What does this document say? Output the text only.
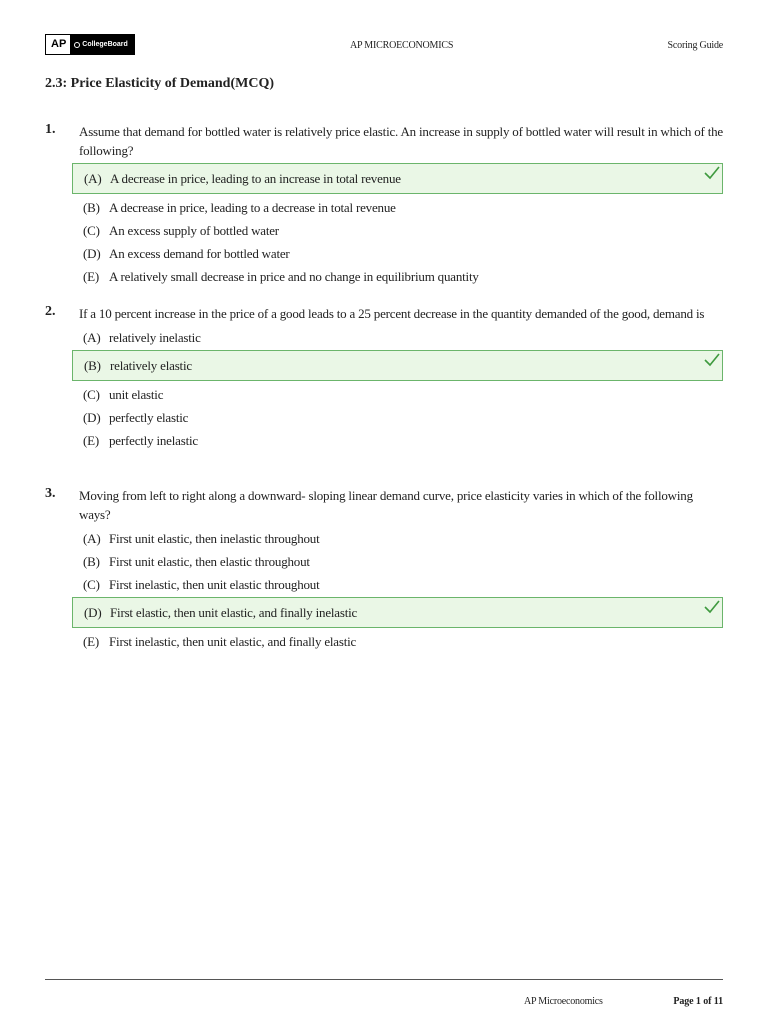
AP	CollegeBoard	AP MICROECONOMICS	Scoring Guide
2.3: Price Elasticity of Demand(MCQ)
1. Assume that demand for bottled water is relatively price elastic. An increase in supply of bottled water will result in which of the following?
(A) A decrease in price, leading to an increase in total revenue
(B) A decrease in price, leading to a decrease in total revenue
(C) An excess supply of bottled water
(D) An excess demand for bottled water
(E) A relatively small decrease in price and no change in equilibrium quantity
2. If a 10 percent increase in the price of a good leads to a 25 percent decrease in the quantity demanded of the good, demand is
(A) relatively inelastic
(B) relatively elastic
(C) unit elastic
(D) perfectly elastic
(E) perfectly inelastic
3. Moving from left to right along a downward- sloping linear demand curve, price elasticity varies in which of the following ways?
(A) First unit elastic, then inelastic throughout
(B) First unit elastic, then elastic throughout
(C) First inelastic, then unit elastic throughout
(D) First elastic, then unit elastic, and finally inelastic
(E) First inelastic, then unit elastic, and finally elastic
AP Microeconomics	Page 1 of 11
